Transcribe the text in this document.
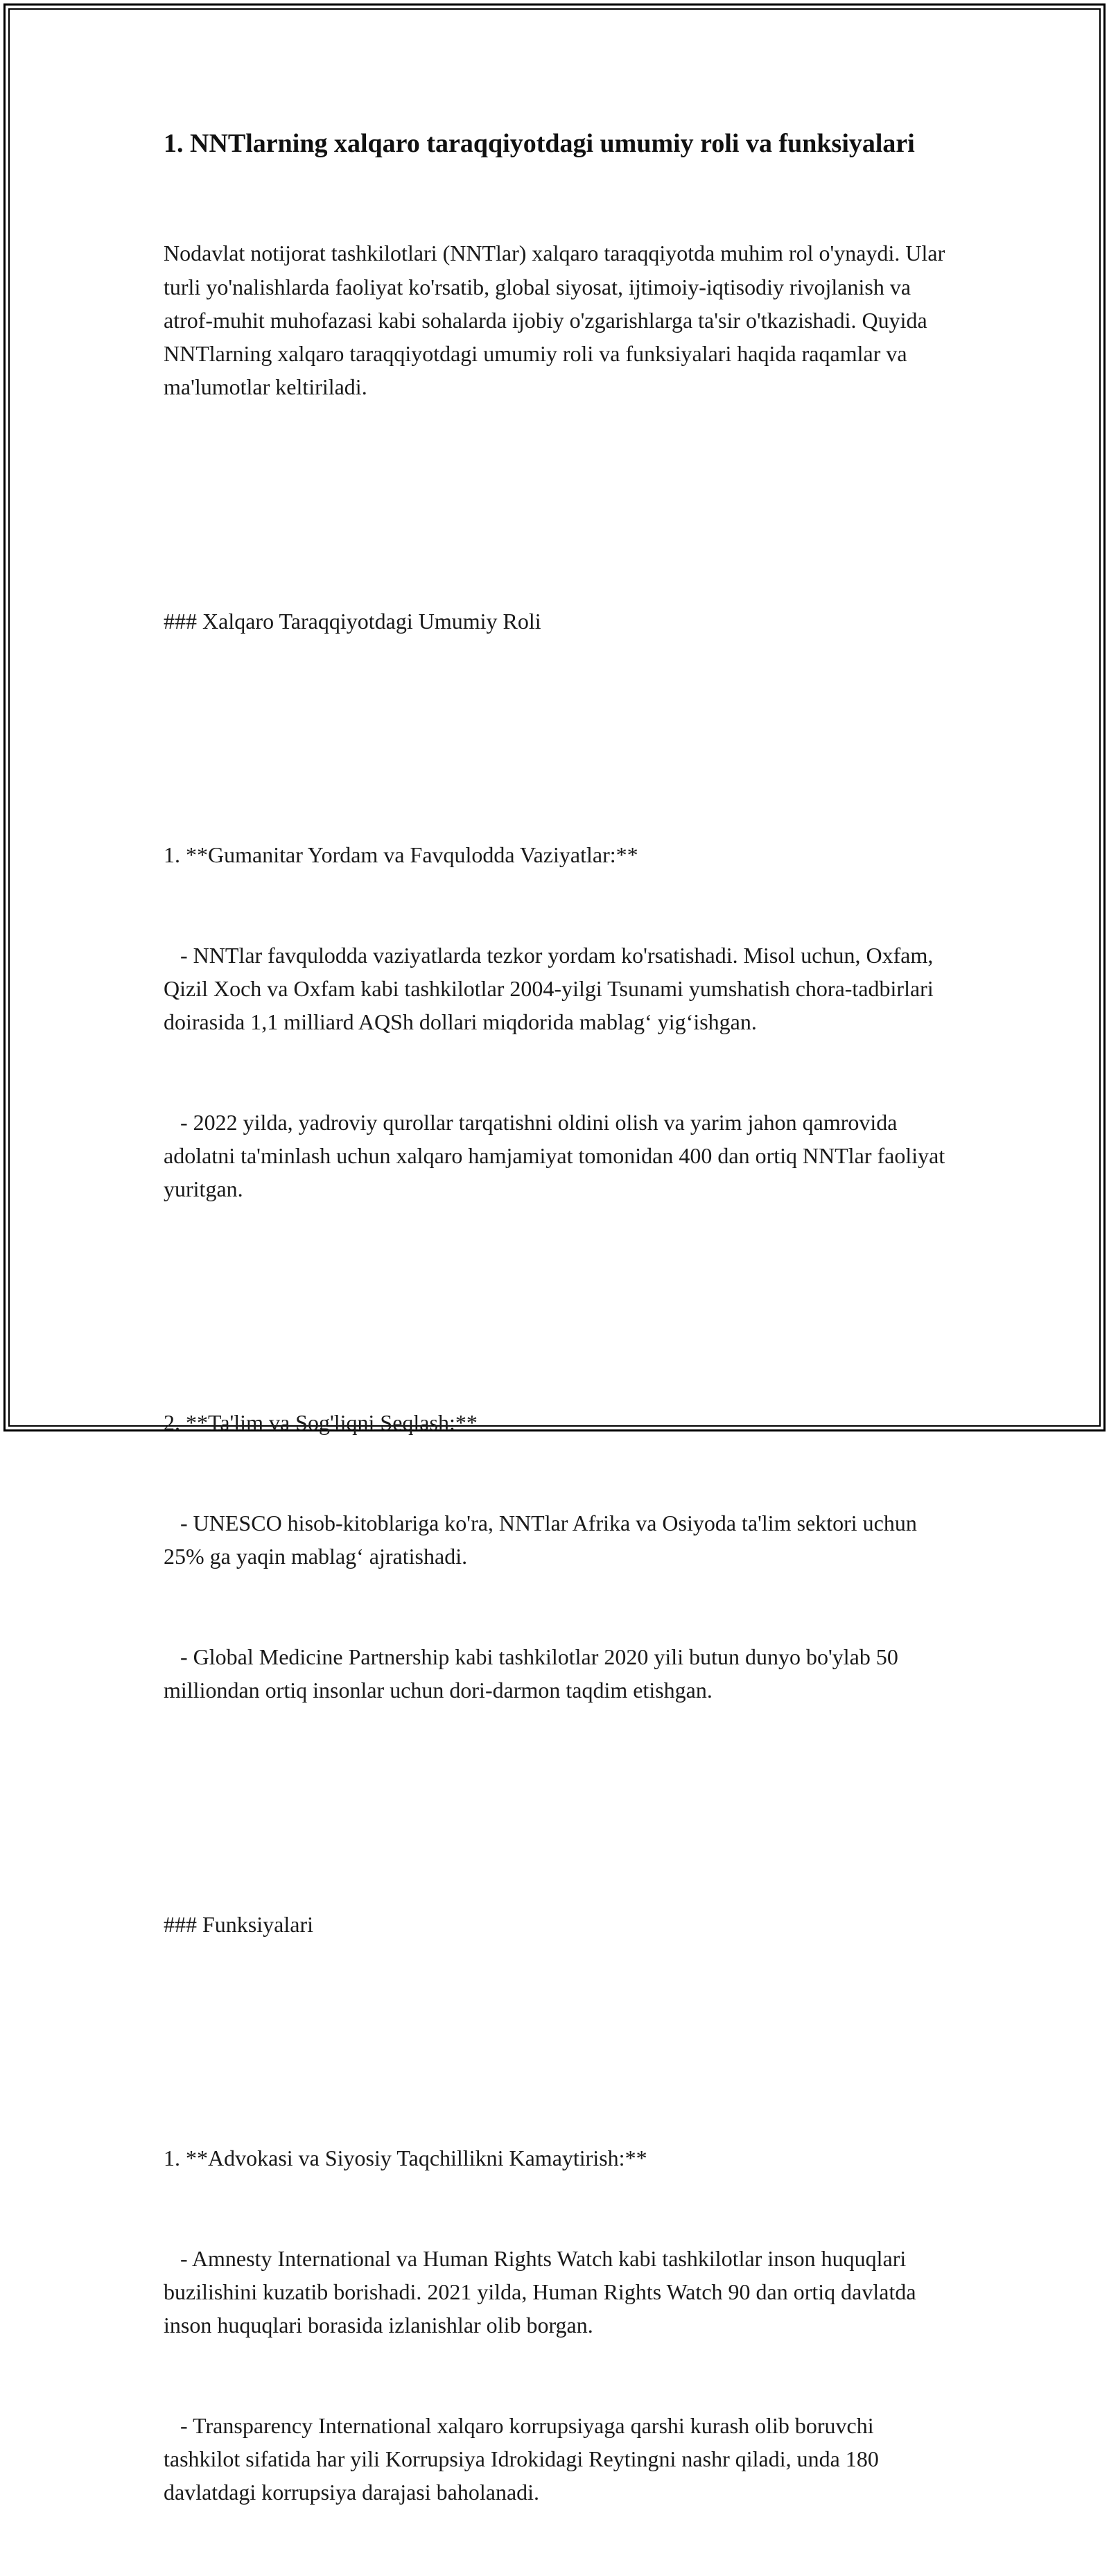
1. NNTlarning xalqaro taraqqiyotdagi umumiy roli va funksiyalari

Nodavlat notijorat tashkilotlari (NNTlar) xalqaro taraqqiyotda muhim rol o'ynaydi. Ular turli yo'nalishlarda faoliyat ko'rsatib, global siyosat, ijtimoiy-iqtisodiy rivojlanish va atrof-muhit muhofazasi kabi sohalarda ijobiy o'zgarishlarga ta'sir o'tkazishadi. Quyida NNTlarning xalqaro taraqqiyotdagi umumiy roli va funksiyalari haqida raqamlar va ma'lumotlar keltiriladi.

### Xalqaro Taraqqiyotdagi Umumiy Roli

1. **Gumanitar Yordam va Favqulodda Vaziyatlar:**

- NNTlar favqulodda vaziyatlarda tezkor yordam ko'rsatishadi. Misol uchun, Oxfam, Qizil Xoch va Oxfam kabi tashkilotlar 2004-yilgi Tsunami yumshatish chora-tadbirlari doirasida 1,1 milliard AQSh dollari miqdorida mablag‘ yig‘ishgan.

- 2022 yilda, yadroviy qurollar tarqatishni oldini olish va yarim jahon qamrovida adolatni ta'minlash uchun xalqaro hamjamiyat tomonidan 400 dan ortiq NNTlar faoliyat yuritgan.

2. **Ta'lim va Sog'liqni Seqlash:**

- UNESCO hisob-kitoblariga ko'ra, NNTlar Afrika va Osiyoda ta'lim sektori uchun 25% ga yaqin mablag‘ ajratishadi.

- Global Medicine Partnership kabi tashkilotlar 2020 yili butun dunyo bo'ylab 50 milliondan ortiq insonlar uchun dori-darmon taqdim etishgan.

### Funksiyalari

1. **Advokasi va Siyosiy Taqchillikni Kamaytirish:**

- Amnesty International va Human Rights Watch kabi tashkilotlar inson huquqlari buzilishini kuzatib borishadi. 2021 yilda, Human Rights Watch 90 dan ortiq davlatda inson huquqlari borasida izlanishlar olib borgan.

- Transparency International xalqaro korrupsiyaga qarshi kurash olib boruvchi tashkilot sifatida har yili Korrupsiya Idrokidagi Reytingni nashr qiladi, unda 180 davlatdagi korrupsiya darajasi baholanadi.
